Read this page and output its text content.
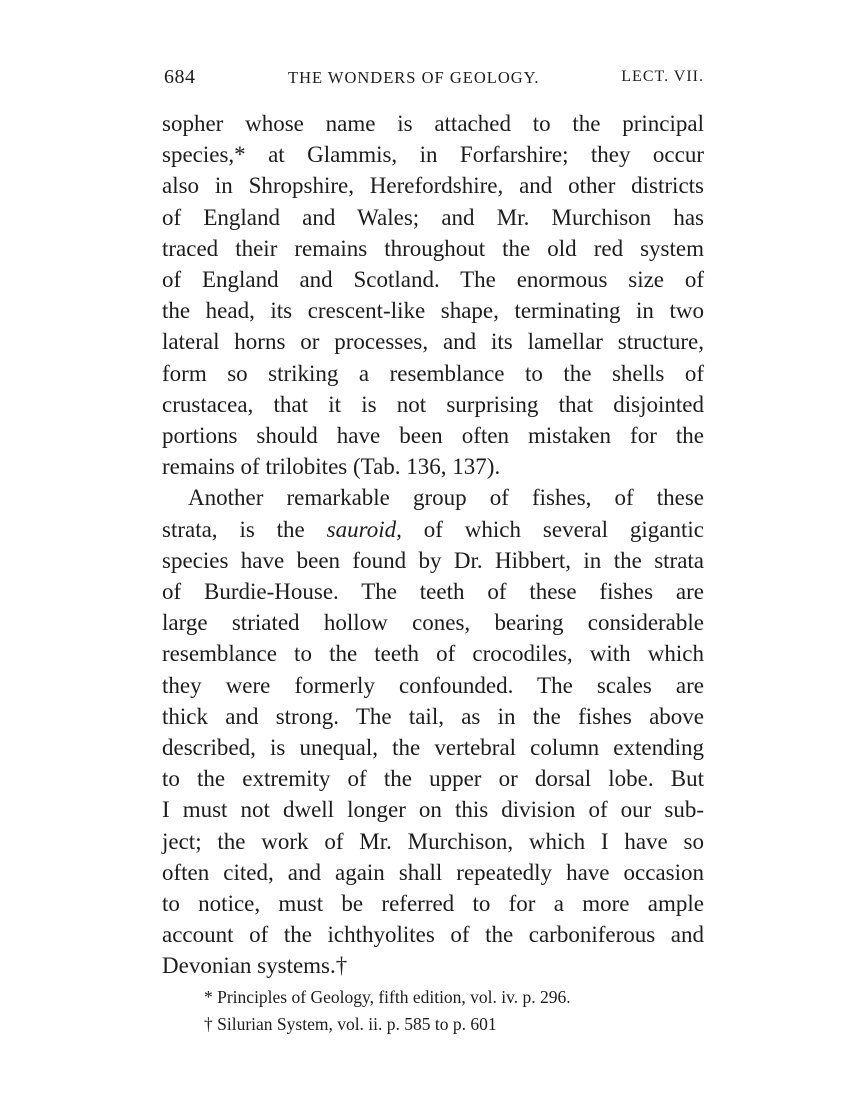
684	THE WONDERS OF GEOLOGY.	LECT. VII.
sopher whose name is attached to the principal
species,* at Glammis, in Forfarshire; they occur
also in Shropshire, Herefordshire, and other districts
of England and Wales; and Mr. Murchison has
traced their remains throughout the old red system
of England and Scotland. The enormous size of
the head, its crescent-like shape, terminating in two
lateral horns or processes, and its lamellar structure,
form so striking a resemblance to the shells of
crustacea, that it is not surprising that disjointed
portions should have been often mistaken for the
remains of trilobites (Tab. 136, 137).
Another remarkable group of fishes, of these
strata, is the sauroid, of which several gigantic
species have been found by Dr. Hibbert, in the strata
of Burdie-House. The teeth of these fishes are
large striated hollow cones, bearing considerable
resemblance to the teeth of crocodiles, with which
they were formerly confounded. The scales are
thick and strong. The tail, as in the fishes above
described, is unequal, the vertebral column extending
to the extremity of the upper or dorsal lobe. But
I must not dwell longer on this division of our sub-
ject; the work of Mr. Murchison, which I have so
often cited, and again shall repeatedly have occasion
to notice, must be referred to for a more ample
account of the ichthyolites of the carboniferous and
Devonian systems.†
* Principles of Geology, fifth edition, vol. iv. p. 296.
† Silurian System, vol. ii. p. 585 to p. 601
